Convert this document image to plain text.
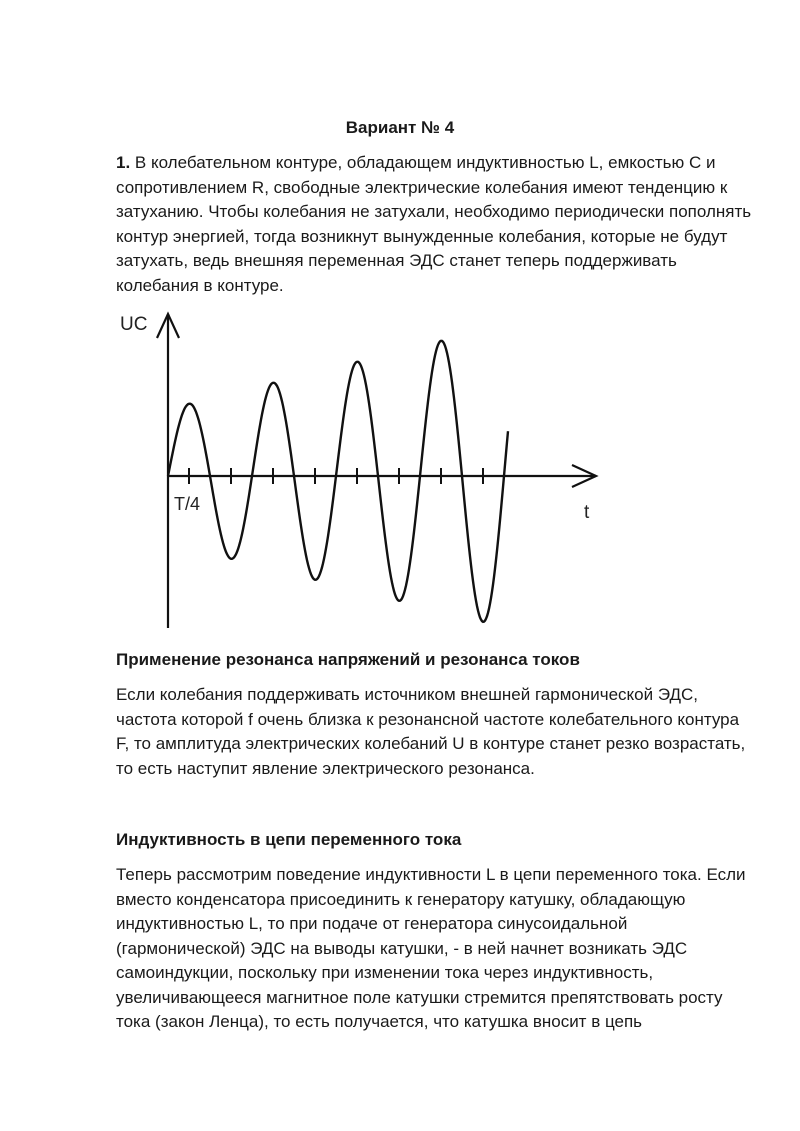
Вариант № 4

1. В колебательном контуре, обладающем индуктивностью L, емкостью С и сопротивлением R, свободные электрические колебания имеют тенденцию к затуханию. Чтобы колебания не затухали, необходимо периодически пополнять контур энергией, тогда возникнут вынужденные колебания, которые не будут затухать, ведь внешняя переменная ЭДС станет теперь поддерживать колебания в контуре.

UC
t
T/4

Применение резонанса напряжений и резонанса токов

Если колебания поддерживать источником внешней гармонической ЭДС, частота которой f очень близка к резонансной частоте колебательного контура F, то амплитуда электрических колебаний U в контуре станет резко возрастать, то есть наступит явление электрического резонанса.

Индуктивность в цепи переменного тока

Теперь рассмотрим поведение индуктивности L в цепи переменного тока. Если вместо конденсатора присоединить к генератору катушку, обладающую индуктивностью L, то при подаче от генератора синусоидальной (гармонической) ЭДС на выводы катушки, - в ней начнет возникать ЭДС самоиндукции, поскольку при изменении тока через индуктивность, увеличивающееся магнитное поле катушки стремится препятствовать росту тока (закон Ленца), то есть получается, что катушка вносит в цепь
